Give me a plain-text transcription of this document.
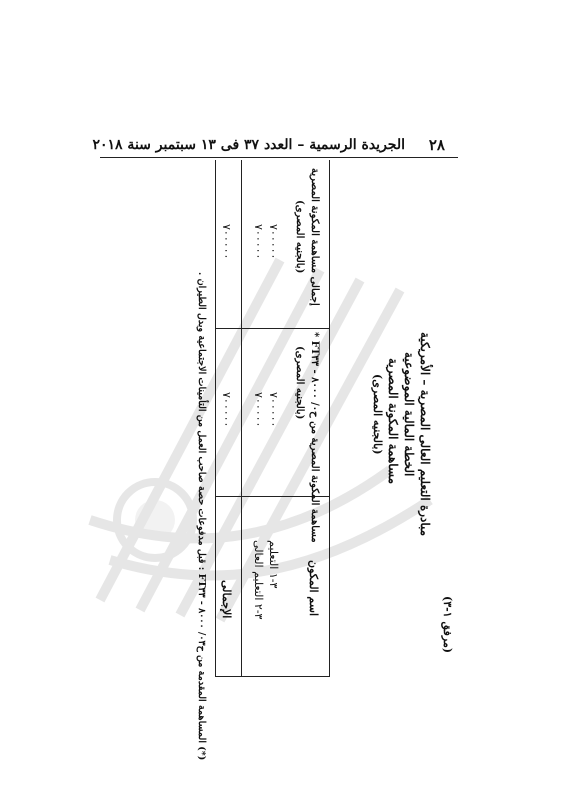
٢٨
الجريدة الرسمية – العدد ٣٧ فى ١٣ سبتمبر سنة ٢٠١٨
مبادرة التعليم العالى المصرية – الأمريكية
الخطة المالية الموضوعية
مساهمة المكونة المصرية
(بالجنيه المصرى)
(مرفق ١-٣)
اسم المكون
مساهمة المكونة المصرية من ح٠/ ٨٠٠٠ - FT٣٣ *
(بالجنيه المصرى)
إجمالى مساهمة المكونة المصرية
(بالجنيه المصرى)
٣-١ التعليم
٣-٢ التعليم العالى
٧٠٠٠٠٠
٧٠٠٠٠٠
٧٠٠٠٠٠
٧٠٠٠٠٠
الإجمالى
٧٠٠٠٠٠
٧٠٠٠٠٠
(*) المساهمة المقدمة من ح٠٣/ ٨٠٠٠ - FT٣٣ : قبل مدفوعات حصة صاحب العمل من التأمينات الاجتماعية وبدل الطيران .
